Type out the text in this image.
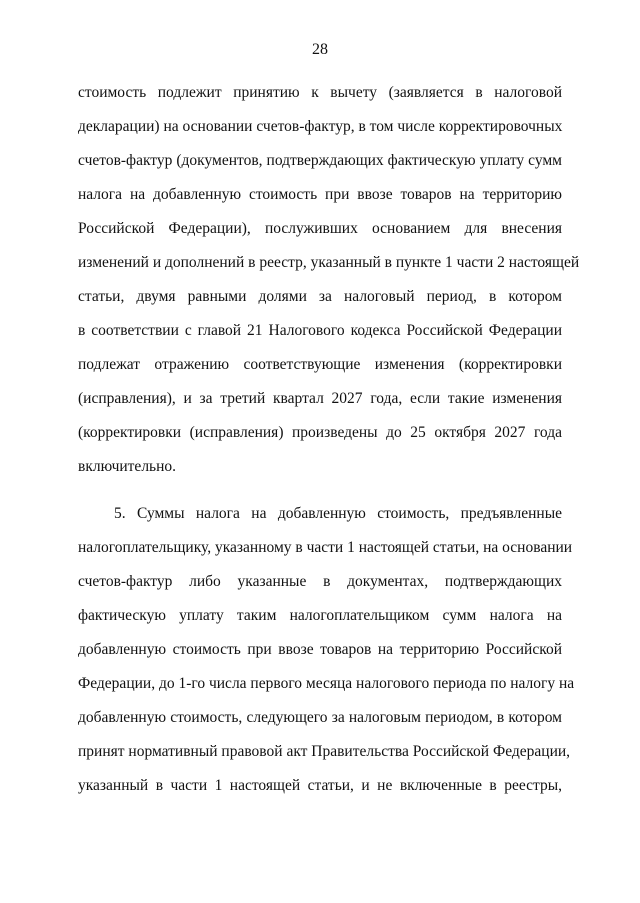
28
стоимость подлежит принятию к вычету (заявляется в налоговой
декларации) на основании счетов-фактур, в том числе корректировочных
счетов-фактур (документов, подтверждающих фактическую уплату сумм
налога на добавленную стоимость при ввозе товаров на территорию
Российской Федерации), послуживших основанием для внесения
изменений и дополнений в реестр, указанный в пункте 1 части 2 настоящей
статьи, двумя равными долями за налоговый период, в котором
в соответствии с главой 21 Налогового кодекса Российской Федерации
подлежат отражению соответствующие изменения (корректировки
(исправления), и за третий квартал 2027 года, если такие изменения
(корректировки (исправления) произведены до 25 октября 2027 года
включительно.
5. Суммы налога на добавленную стоимость, предъявленные
налогоплательщику, указанному в части 1 настоящей статьи, на основании
счетов-фактур либо указанные в документах, подтверждающих
фактическую уплату таким налогоплательщиком сумм налога на
добавленную стоимость при ввозе товаров на территорию Российской
Федерации, до 1-го числа первого месяца налогового периода по налогу на
добавленную стоимость, следующего за налоговым периодом, в котором
принят нормативный правовой акт Правительства Российской Федерации,
указанный в части 1 настоящей статьи, и не включенные в реестры,
